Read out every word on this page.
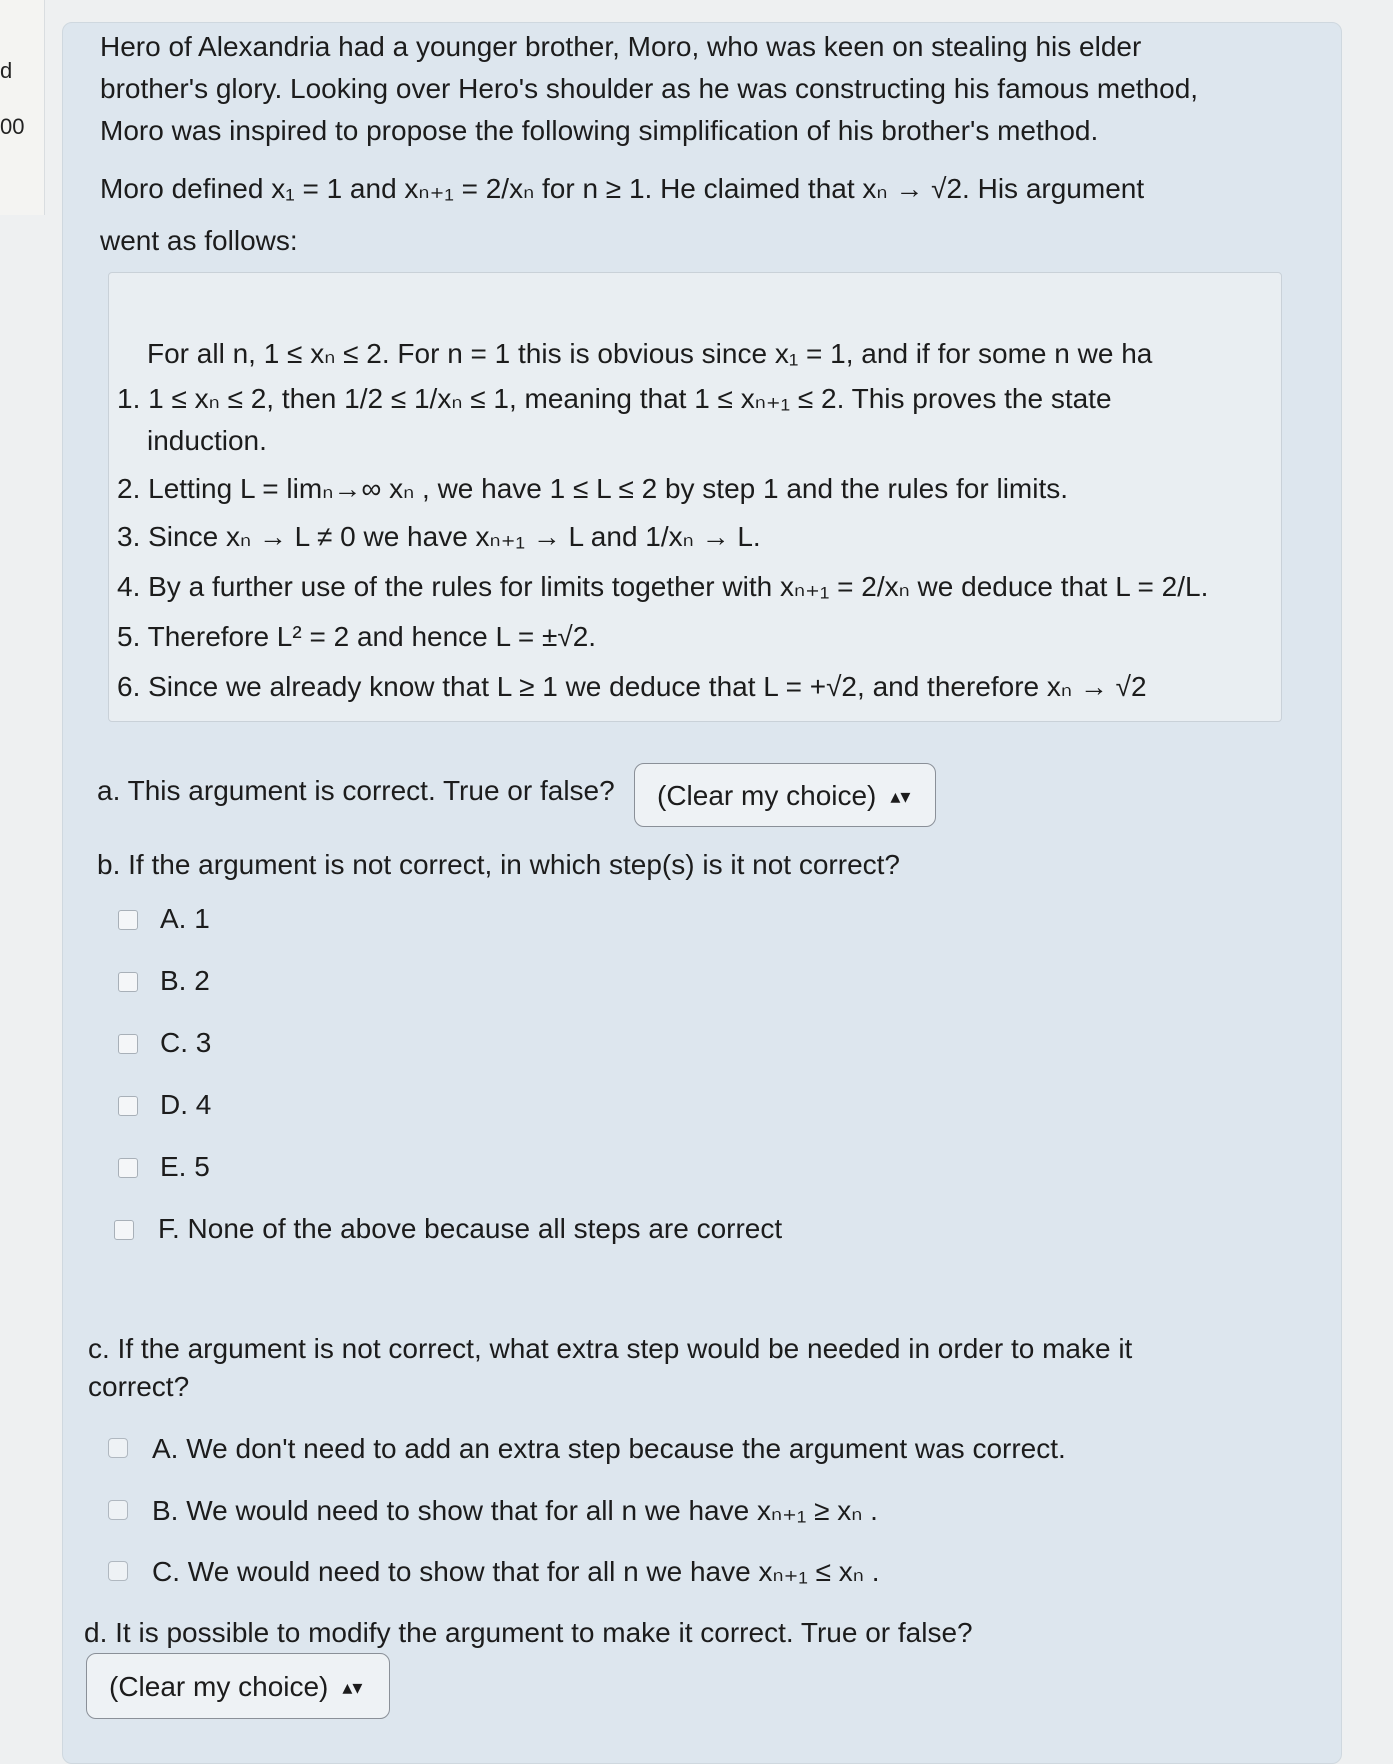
d
00
Hero of Alexandria had a younger brother, Moro, who was keen on stealing his elder
brother's glory. Looking over Hero's shoulder as he was constructing his famous method,
Moro was inspired to propose the following simplification of his brother's method.
Moro defined x₁ = 1 and xₙ₊₁ = 2/xₙ for n ≥ 1. He claimed that xₙ → √2. His argument
went as follows:
For all n, 1 ≤ xₙ ≤ 2. For n = 1 this is obvious since x₁ = 1, and if for some n we ha
1. 1 ≤ xₙ ≤ 2, then 1/2 ≤ 1/xₙ ≤ 1, meaning that 1 ≤ xₙ₊₁ ≤ 2. This proves the state
induction.
2. Letting L = limₙ→∞ xₙ , we have 1 ≤ L ≤ 2 by step 1 and the rules for limits.
3. Since xₙ → L ≠ 0 we have xₙ₊₁ → L and 1/xₙ → L.
4. By a further use of the rules for limits together with xₙ₊₁ = 2/xₙ we deduce that L = 2/L.
5. Therefore L² = 2 and hence L = ±√2.
6. Since we already know that L ≥ 1 we deduce that L = +√2, and therefore xₙ → √2
a. This argument is correct. True or false?	(Clear my choice) ▴▾
b. If the argument is not correct, in which step(s) is it not correct?
A. 1
B. 2
C. 3
D. 4
E. 5
F. None of the above because all steps are correct
c. If the argument is not correct, what extra step would be needed in order to make it
correct?
A. We don't need to add an extra step because the argument was correct.
B. We would need to show that for all n we have xₙ₊₁ ≥ xₙ .
C. We would need to show that for all n we have xₙ₊₁ ≤ xₙ .
d. It is possible to modify the argument to make it correct. True or false?
(Clear my choice) ▴▾
